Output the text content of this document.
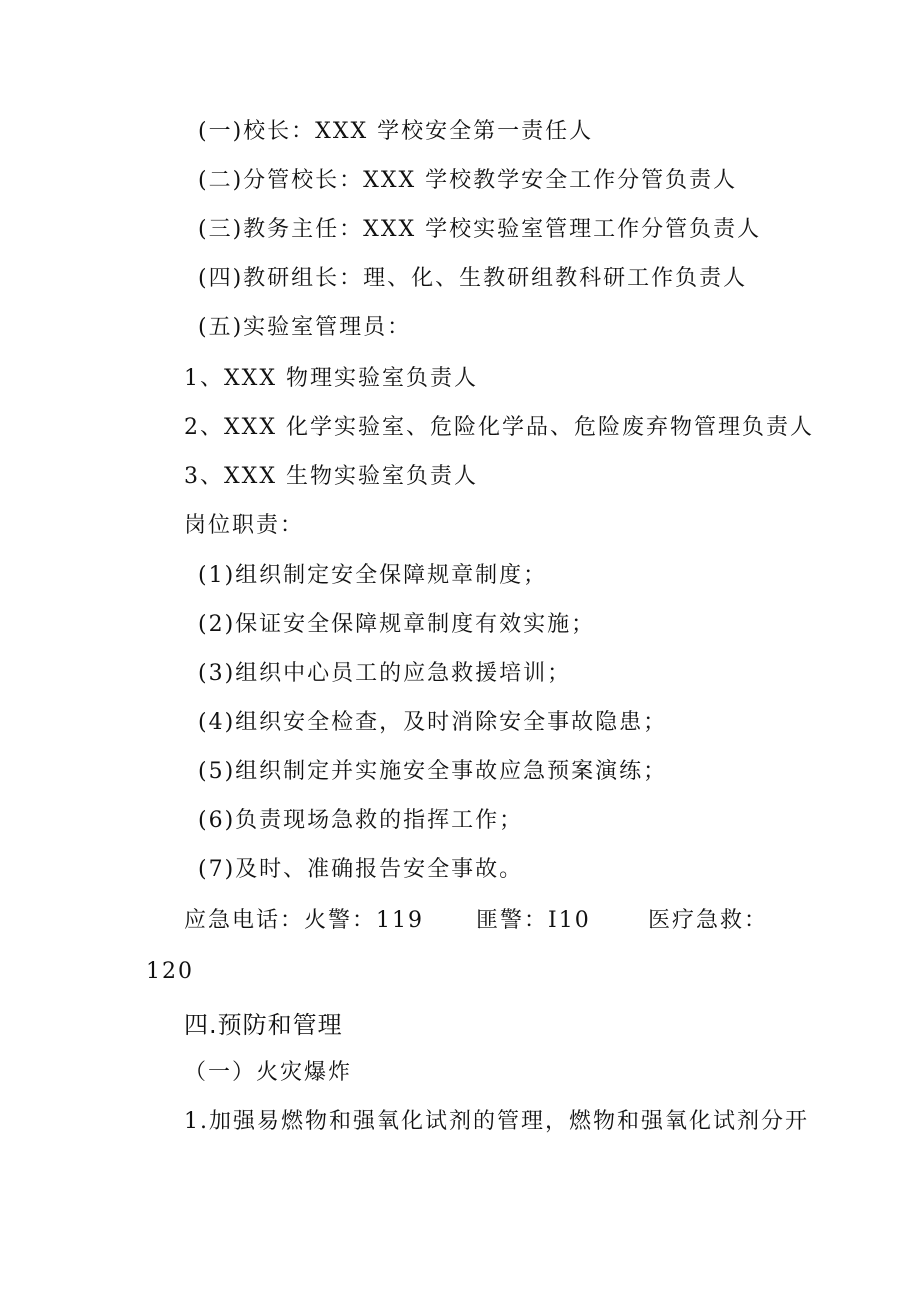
(一)校长：XXX 学校安全第一责任人
(二)分管校长：XXX 学校教学安全工作分管负责人
(三)教务主任：XXX 学校实验室管理工作分管负责人
(四)教研组长：理、化、生教研组教科研工作负责人
(五)实验室管理员：
1、XXX 物理实验室负责人
2、XXX 化学实验室、危险化学品、危险废弃物管理负责人
3、XXX 生物实验室负责人
岗位职责：
(1)组织制定安全保障规章制度；
(2)保证安全保障规章制度有效实施；
(3)组织中心员工的应急救援培训；
(4)组织安全检查，及时消除安全事故隐患；
(5)组织制定并实施安全事故应急预案演练；
(6)负责现场急救的指挥工作；
(7)及时、准确报告安全事故。
应急电话：火警：119 匪警：I10	医疗急救：
120
四.预防和管理
（一）火灾爆炸
1.加强易燃物和强氧化试剂的管理，燃物和强氧化试剂分开
